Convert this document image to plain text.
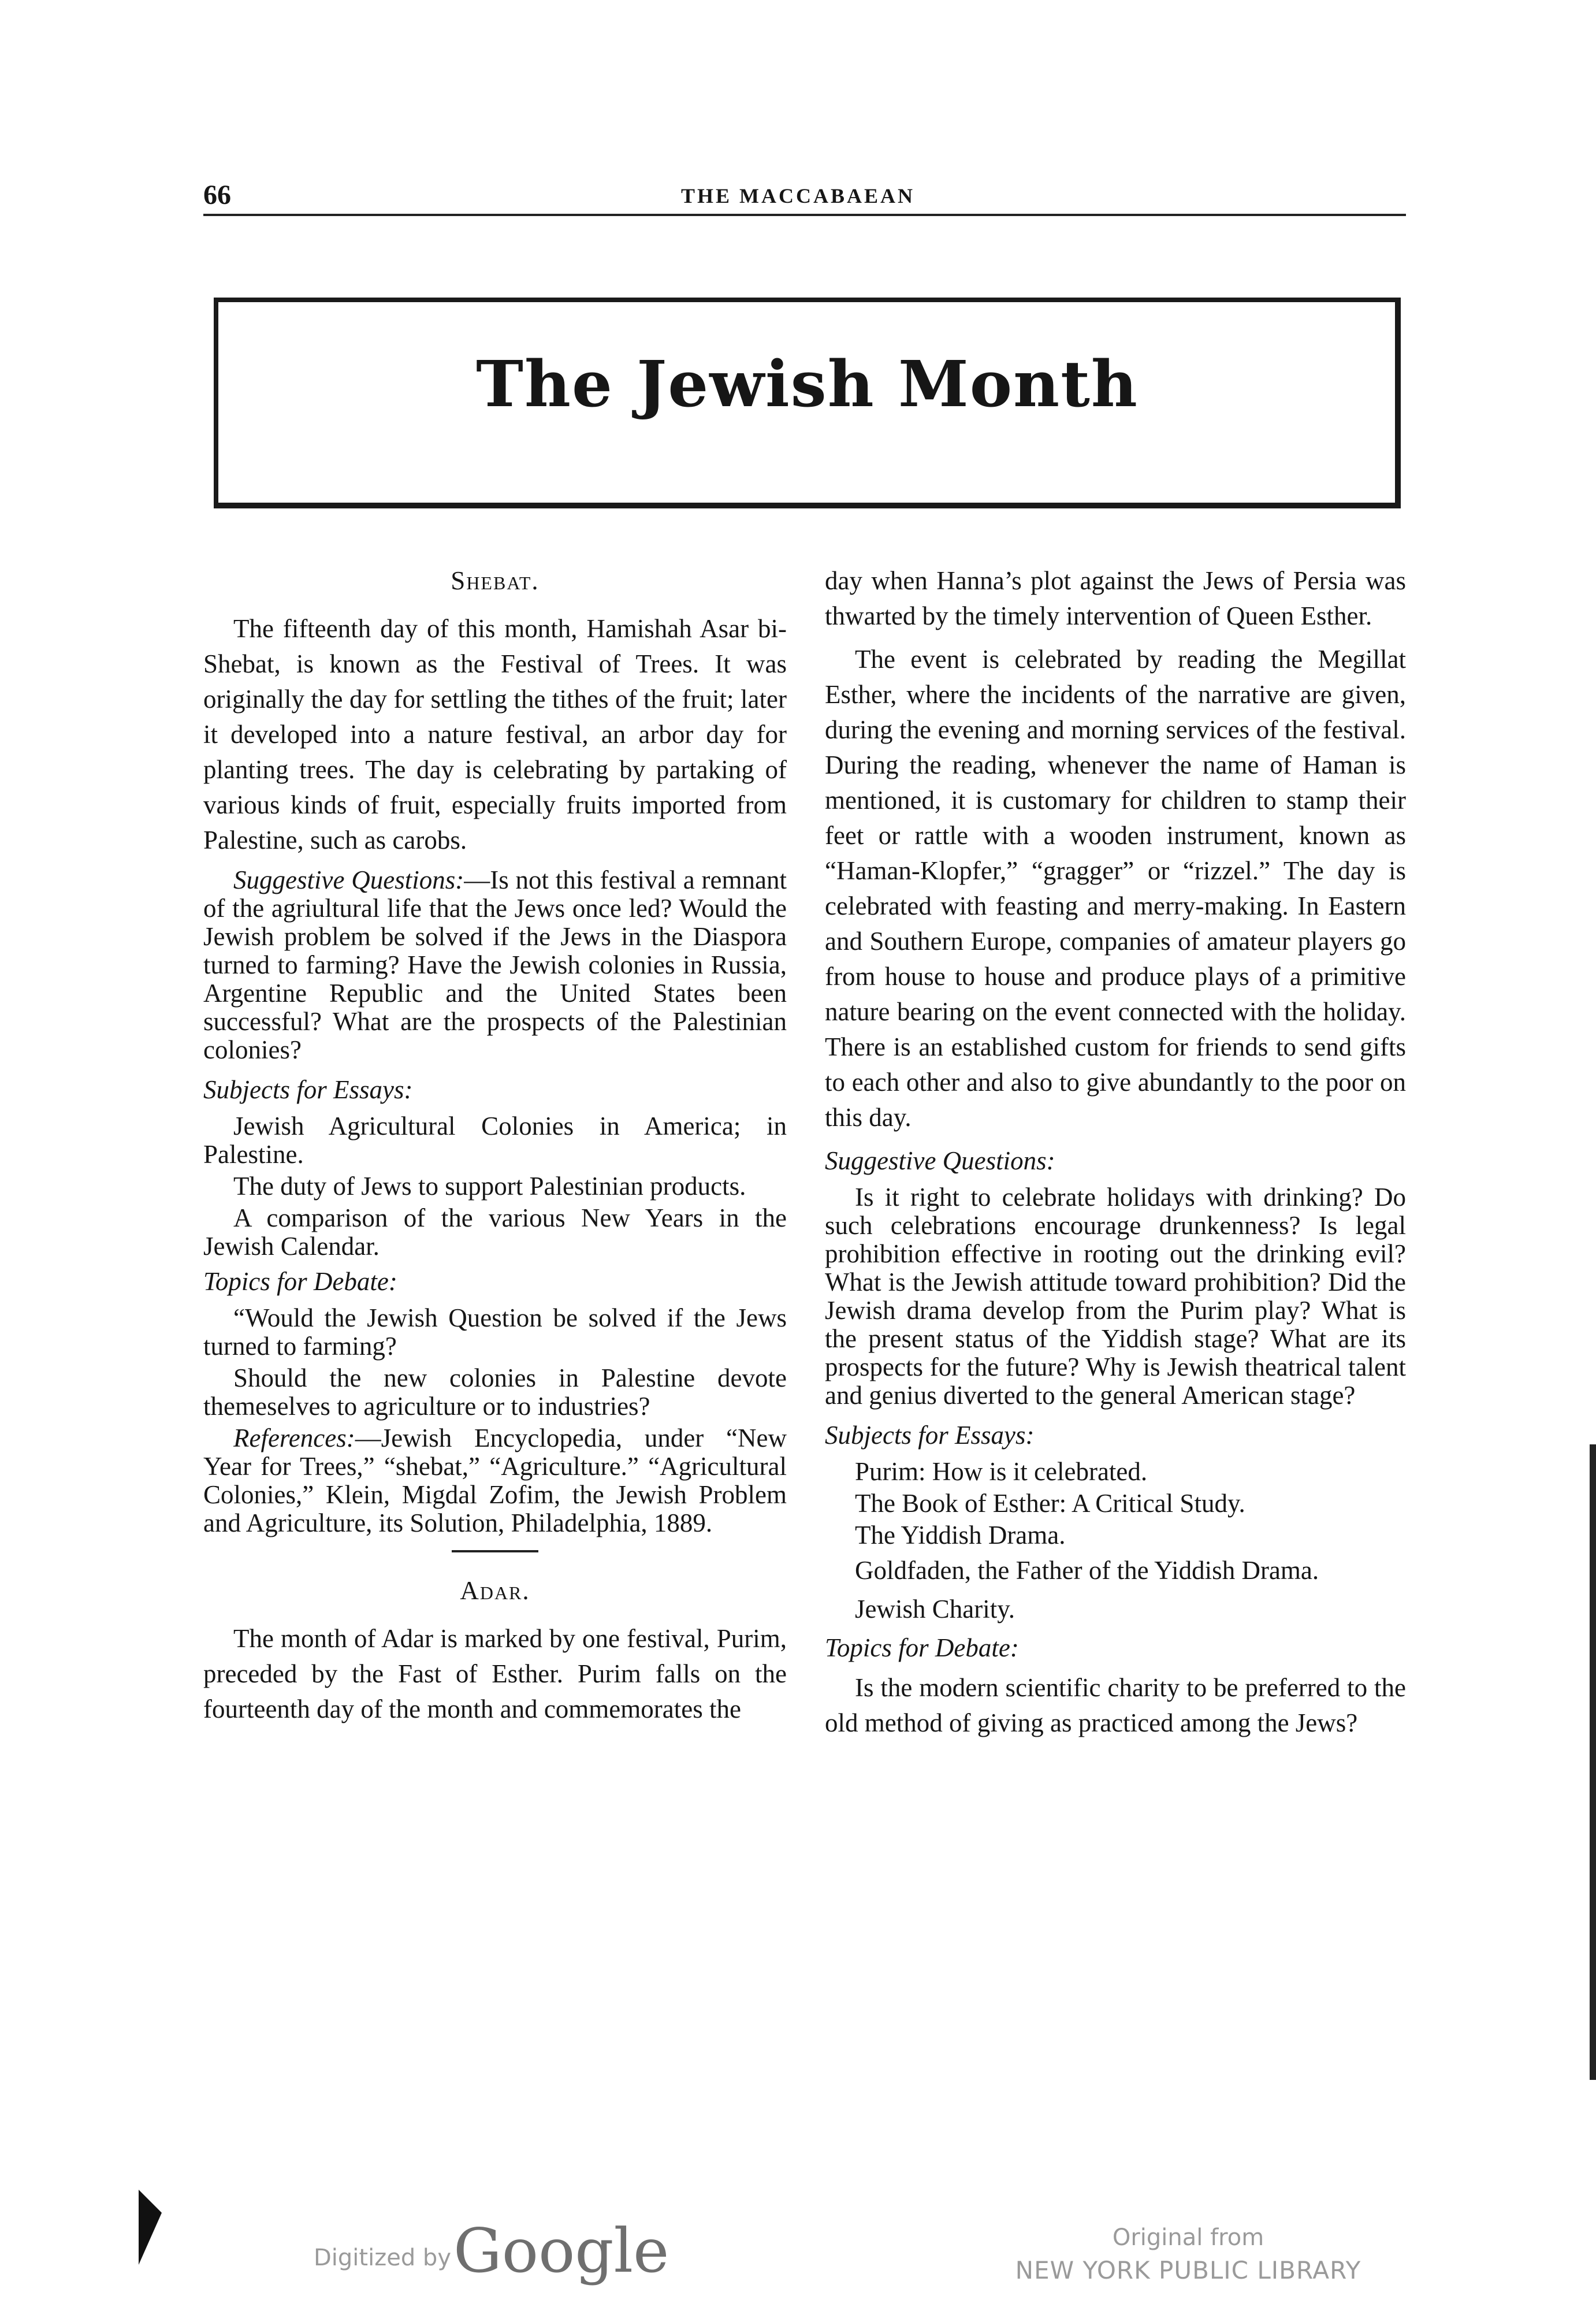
66	THE MACCABAEAN
The Jewish Month

Shebat.

The fifteenth day of this month, Hamishah Asar bi-Shebat, is known as the Festival of Trees. It was originally the day for settling the tithes of the fruit; later it developed into a nature festival, an arbor day for planting trees. The day is celebrating by partaking of various kinds of fruit, especially fruits imported from Palestine, such as carobs.

Suggestive Questions:—Is not this festival a remnant of the agriultural life that the Jews once led? Would the Jewish problem be solved if the Jews in the Diaspora turned to farming? Have the Jewish colonies in Russia, Argentine Republic and the United States been successful? What are the prospects of the Palestinian colonies?

Subjects for Essays:

Jewish Agricultural Colonies in America; in Palestine.

The duty of Jews to support Palestinian products.

A comparison of the various New Years in the Jewish Calendar.

Topics for Debate:

“Would the Jewish Question be solved if the Jews turned to farming?

Should the new colonies in Palestine devote themeselves to agriculture or to industries?

References:—Jewish Encyclopedia, under “New Year for Trees,” “shebat,” “Agriculture.” “Agricultural Colonies,” Klein, Migdal Zofim, the Jewish Problem and Agriculture, its Solution, Philadelphia, 1889.

Adar.

The month of Adar is marked by one festival, Purim, preceded by the Fast of Esther. Purim falls on the fourteenth day of the month and commemorates the

day when Hanna’s plot against the Jews of Persia was thwarted by the timely intervention of Queen Esther.

The event is celebrated by reading the Megillat Esther, where the incidents of the narrative are given, during the evening and morning services of the festival. During the reading, whenever the name of Haman is mentioned, it is customary for children to stamp their feet or rattle with a wooden instrument, known as “Haman-Klopfer,” “gragger” or “rizzel.” The day is celebrated with feasting and merry-making. In Eastern and Southern Europe, companies of amateur players go from house to house and produce plays of a primitive nature bearing on the event connected with the holiday. There is an established custom for friends to send gifts to each other and also to give abundantly to the poor on this day.

Suggestive Questions:

Is it right to celebrate holidays with drinking? Do such celebrations encourage drunkenness? Is legal prohibition effective in rooting out the drinking evil? What is the Jewish attitude toward prohibition? Did the Jewish drama develop from the Purim play? What is the present status of the Yiddish stage? What are its prospects for the future? Why is Jewish theatrical talent and genius diverted to the general American stage?

Subjects for Essays:

Purim: How is it celebrated.

The Book of Esther: A Critical Study.

The Yiddish Drama.

Goldfaden, the Father of the Yiddish Drama.

Jewish Charity.

Topics for Debate:

Is the modern scientific charity to be preferred to the old method of giving as practiced among the Jews?

Digitized by Google	Original from
NEW YORK PUBLIC LIBRARY
